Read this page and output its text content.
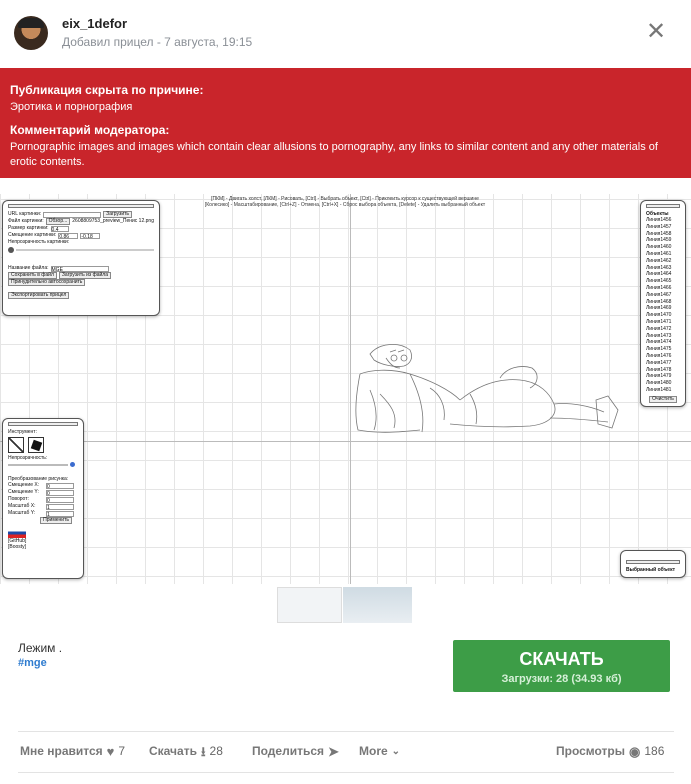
eix_1defor
Добавил прицел - 7 августа, 19:15	✕
Публикация скрыта по причине:
Эротика и порнография
Комментарий модератора:
Pornographic images and images which contain clear allusions to pornography, any links to similar content and any other materials of erotic contents.
[ПКМ] - Двигать холст, [ЛКМ] - Рисовать, [Ctrl] - Выбрать объект, [Ctrl] - Приклеить курсор к существующей вершине
[Колесико] - Масштабирование, [Ctrl+Z] - Отмена, [Ctrl+X] - Сброс выбора объекта, [Delete] - Удалить выбранный объект
URL картинки:	Загрузить
Файл картинки:	Обзор...	2608809753_preview_Пенис 12.png
Размер картинки: 0.4
Смещение картинки: 0.86	-0.18
Непрозрачность картинки:
Название файла: MGE
Сохранить в файл	Загрузить из файла
Принудительно автосохранить
Экспортировать прицел
Объекты
Линия1456
Линия1457
Линия1458
Линия1459
Линия1460
Линия1461
Линия1462
Линия1463
Линия1464
Линия1465
Линия1466
Линия1467
Линия1468
Линия1469
Линия1470
Линия1471
Линия1472
Линия1473
Линия1474
Линия1475
Линия1476
Линия1477
Линия1478
Линия1479
Линия1480
Линия1481
Очистить
Инструмент:
Непрозрачность:
Преобразование рисунка:
Смещение X:	0
Смещение Y:	0
Поворот:	0
Масштаб X:	1
Масштаб Y:	1
Применить
[GitHub]
[Boosty]
Выбранный объект
Лежим .
#mge	СКАЧАТЬ
Загрузки: 28 (34.93 кб)
Мне нравится ♥ 7 Скачать ⭳ 28 Поделиться ➤ More ⌄	Просмотры ◉ 186
